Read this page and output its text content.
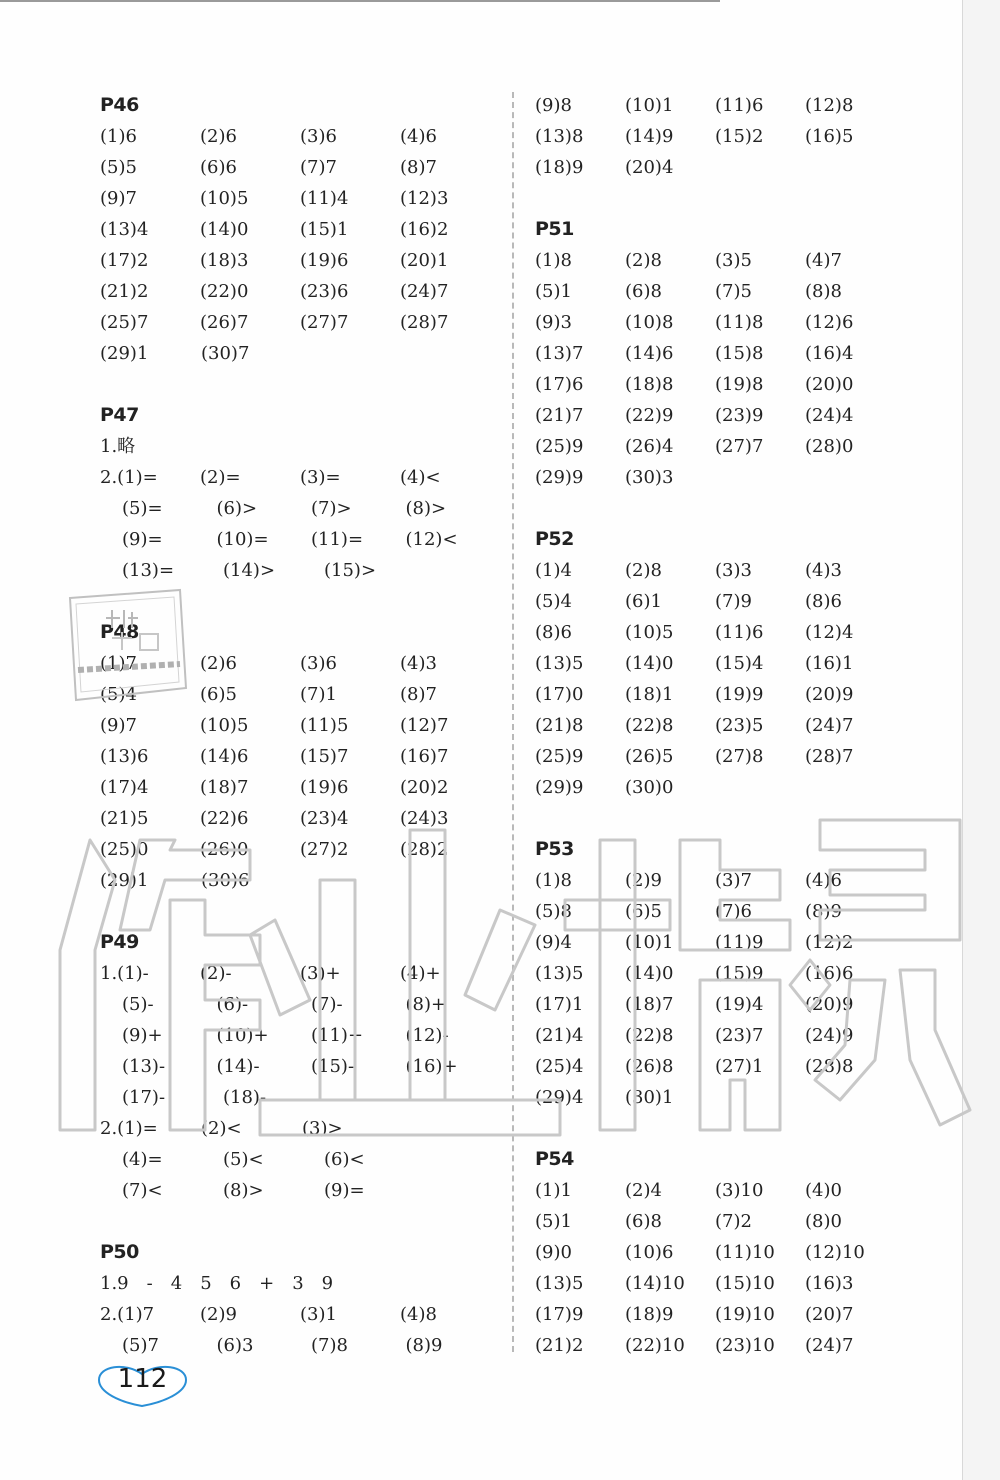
P46
(1)6	(2)6	(3)6	(4)6
(5)5	(6)6	(7)7	(8)7
(9)7	(10)5	(11)4	(12)3
(13)4	(14)0	(15)1	(16)2
(17)2	(18)3	(19)6	(20)1
(21)2	(22)0	(23)6	(24)7
(25)7	(26)7	(27)7	(28)7
(29)1	(30)7
P47
1.略
2.(1)=	(2)=	(3)=	(4)<
(5)=	(6)>	(7)>	(8)>
(9)=	(10)=	(11)=	(12)<
(13)=	(14)>	(15)>
P48
(1)7	(2)6	(3)6	(4)3
(5)4	(6)5	(7)1	(8)7
(9)7	(10)5	(11)5	(12)7
(13)6	(14)6	(15)7	(16)7
(17)4	(18)7	(19)6	(20)2
(21)5	(22)6	(23)4	(24)3
(25)0	(26)0	(27)2	(28)2
(29)1	(30)6
P49
1.(1)-	(2)-	(3)+	(4)+
(5)-	(6)-	(7)-	(8)+
(9)+	(10)+	(11)+	(12)-
(13)-	(14)-	(15)-	(16)+
(17)-	(18)-
2.(1)=	(2)<	(3)>
(4)=	(5)<	(6)<
(7)<	(8)>	(9)=
P50
1.9 - 4 5 6 + 3 9
2.(1)7	(2)9	(3)1	(4)8
(5)7	(6)3	(7)8	(8)9
(9)8	(10)1	(11)6	(12)8
(13)8	(14)9	(15)2	(16)5
(18)9	(20)4
P51
(1)8	(2)8	(3)5	(4)7
(5)1	(6)8	(7)5	(8)8
(9)3	(10)8	(11)8	(12)6
(13)7	(14)6	(15)8	(16)4
(17)6	(18)8	(19)8	(20)0
(21)7	(22)9	(23)9	(24)4
(25)9	(26)4	(27)7	(28)0
(29)9	(30)3
P52
(1)4	(2)8	(3)3	(4)3
(5)4	(6)1	(7)9	(8)6
(8)6	(10)5	(11)6	(12)4
(13)5	(14)0	(15)4	(16)1
(17)0	(18)1	(19)9	(20)9
(21)8	(22)8	(23)5	(24)7
(25)9	(26)5	(27)8	(28)7
(29)9	(30)0
P53
(1)8	(2)9	(3)7	(4)6
(5)8	(6)5	(7)6	(8)9
(9)4	(10)1	(11)9	(12)2
(13)5	(14)0	(15)9	(16)6
(17)1	(18)7	(19)4	(20)9
(21)4	(22)8	(23)7	(24)9
(25)4	(26)8	(27)1	(28)8
(29)4	(30)1
P54
(1)1	(2)4	(3)10	(4)0
(5)1	(6)8	(7)2	(8)0
(9)0	(10)6	(11)10	(12)10
(13)5	(14)10	(15)10	(16)3
(17)9	(18)9	(19)10	(20)7
(21)2	(22)10	(23)10	(24)7
112
